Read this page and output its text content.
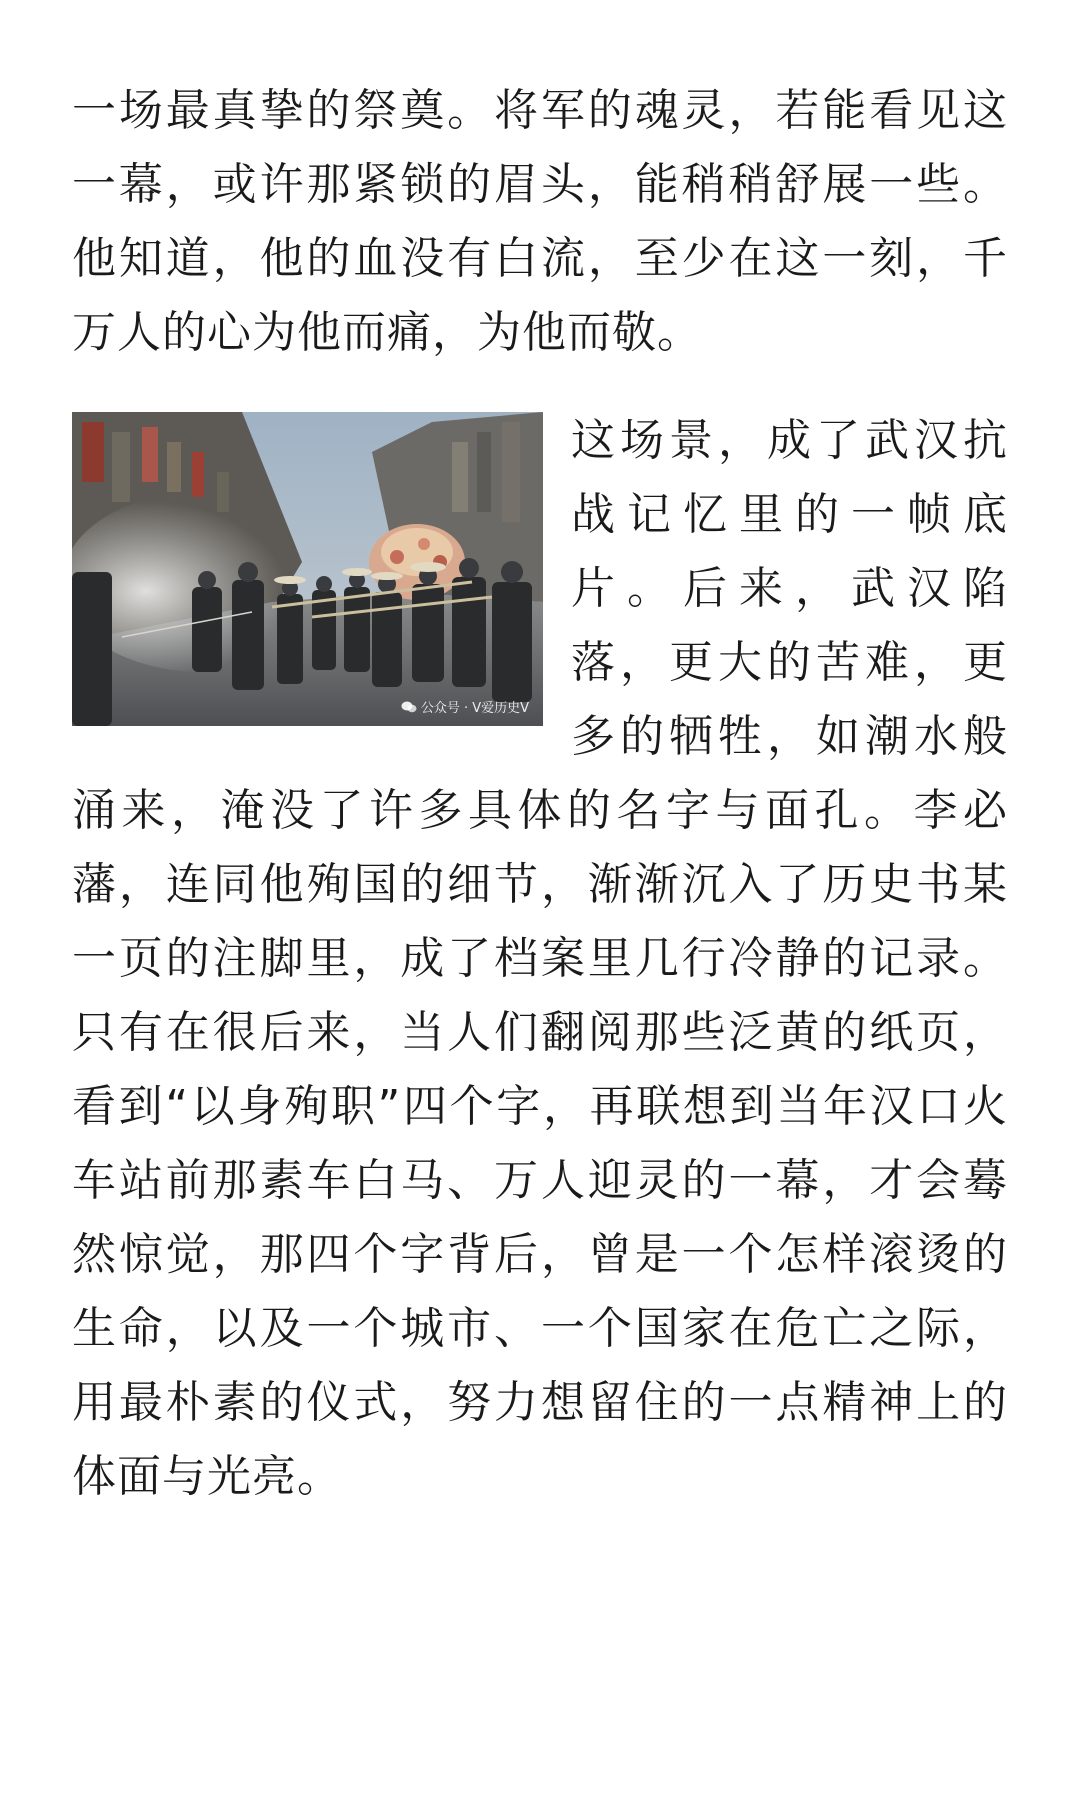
一场最真挚的祭奠。将军的魂灵，若能看见这一幕，或许那紧锁的眉头，能稍稍舒展一些。他知道，他的血没有白流，至少在这一刻，千万人的心为他而痛，为他而敬。

公众号 · V爱历史V

这场景，成了武汉抗战记忆里的一帧底片。后来，武汉陷落，更大的苦难，更多的牺牲，如潮水般涌来，淹没了许多具体的名字与面孔。李必藩，连同他殉国的细节，渐渐沉入了历史书某一页的注脚里，成了档案里几行冷静的记录。只有在很后来，当人们翻阅那些泛黄的纸页，看到“以身殉职”四个字，再联想到当年汉口火车站前那素车白马、万人迎灵的一幕，才会蓦然惊觉，那四个字背后，曾是一个怎样滚烫的生命，以及一个城市、一个国家在危亡之际，用最朴素的仪式，努力想留住的一点精神上的体面与光亮。
